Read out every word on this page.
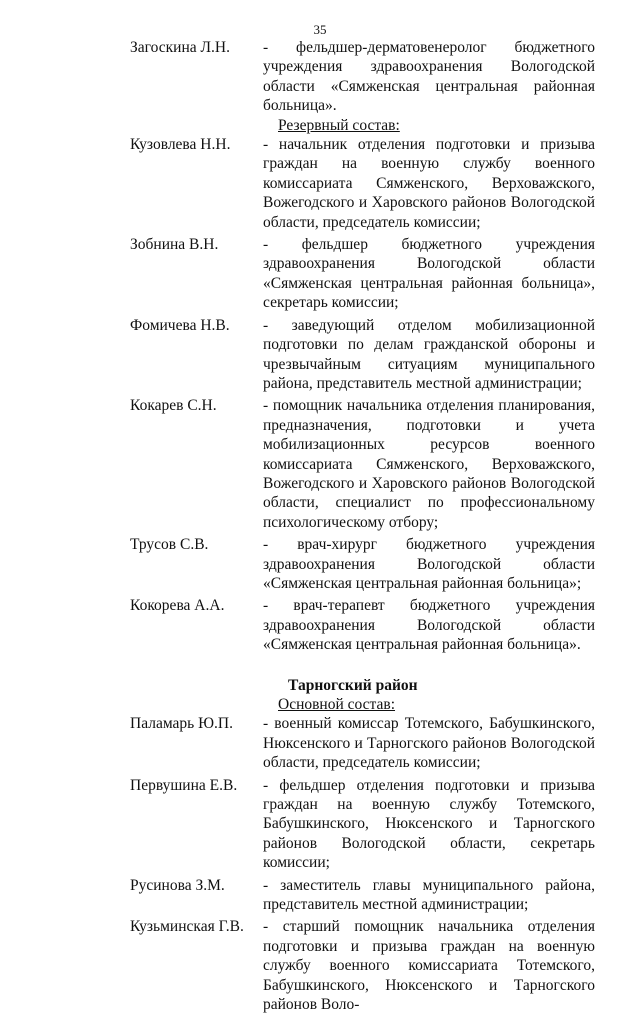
35
Загоскина Л.Н.	- фельдшер-дерматовенеролог бюджетного учреждения здравоохранения Вологодской области «Сямженская центральная районная больница».
Резервный состав:
Кузовлева Н.Н.	- начальник отделения подготовки и призыва граждан на военную службу военного комиссариата Сямженского, Верховажского, Вожегодского и Харовского районов Вологодской области, председатель комиссии;
Зобнина В.Н.	- фельдшер бюджетного учреждения здравоохранения Вологодской области «Сямженская центральная районная больница», секретарь комиссии;
Фомичева Н.В.	- заведующий отделом мобилизационной подготовки по делам гражданской обороны и чрезвычайным ситуациям муниципального района, представитель местной администрации;
Кокарев С.Н.	- помощник начальника отделения планирования, предназначения, подготовки и учета мобилизационных ресурсов военного комиссариата Сямженского, Верховажского, Вожегодского и Харовского районов Вологодской области, специалист по профессиональному психологическому отбору;
Трусов С.В.	- врач-хирург бюджетного учреждения здравоохранения Вологодской области «Сямженская центральная районная больница»;
Кокорева А.А.	- врач-терапевт бюджетного учреждения здравоохранения Вологодской области «Сямженская центральная районная больница».
Тарногский район
Основной состав:
Паламарь Ю.П.	- военный комиссар Тотемского, Бабушкинского, Нюксенского и Тарногского районов Вологодской области, председатель комиссии;
Первушина Е.В.	- фельдшер отделения подготовки и призыва граждан на военную службу Тотемского, Бабушкинского, Нюксенского и Тарногского районов Вологодской области, секретарь комиссии;
Русинова З.М.	- заместитель главы муниципального района, представитель местной администрации;
Кузьминская Г.В.	- старший помощник начальника отделения подготовки и призыва граждан на военную службу военного комиссариата Тотемского, Бабушкинского, Нюксенского и Тарногского районов Воло-
